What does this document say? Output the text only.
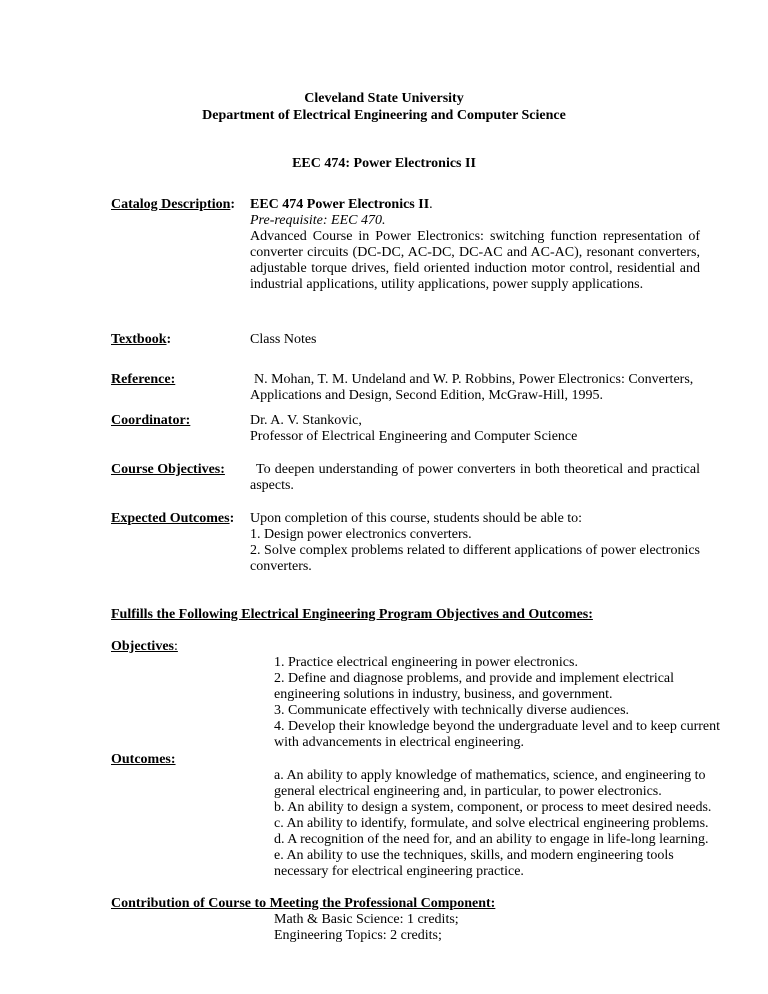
Cleveland State University
Department of Electrical Engineering and Computer Science
EEC 474: Power Electronics II
Catalog Description: EEC 474 Power Electronics II.

Pre-requisite: EEC 470.

Advanced Course in Power Electronics: switching function representation of converter circuits (DC-DC, AC-DC, DC-AC and AC-AC), resonant converters, adjustable torque drives, field oriented induction motor control, residential and industrial applications, utility applications, power supply applications.

Textbook:	Class Notes
Reference:	N. Mohan, T. M. Undeland and W. P. Robbins, Power Electronics: Converters, Applications and Design, Second Edition, McGraw-Hill, 1995.
Coordinator:	Dr. A. V. Stankovic,

Professor of Electrical Engineering and Computer Science

Course Objectives:	To deepen understanding of power converters in both theoretical and practical aspects.
Expected Outcomes: Upon completion of this course, students should be able to:

1. Design power electronics converters.

2. Solve complex problems related to different applications of power electronics converters.

Fulfills the Following Electrical Engineering Program Objectives and Outcomes:
Objectives:

1. Practice electrical engineering in power electronics.

2. Define and diagnose problems, and provide and implement electrical engineering solutions in industry, business, and government.

3. Communicate effectively with technically diverse audiences.

4. Develop their knowledge beyond the undergraduate level and to keep current with advancements in electrical engineering.

Outcomes:

a. An ability to apply knowledge of mathematics, science, and engineering to general electrical engineering and, in particular, to power electronics.

b. An ability to design a system, component, or process to meet desired needs.

c. An ability to identify, formulate, and solve electrical engineering problems.

d. A recognition of the need for, and an ability to engage in life-long learning.

e. An ability to use the techniques, skills, and modern engineering tools necessary for electrical engineering practice.

Contribution of Course to Meeting the Professional Component:

Math & Basic Science: 1 credits;

Engineering Topics: 2 credits;
